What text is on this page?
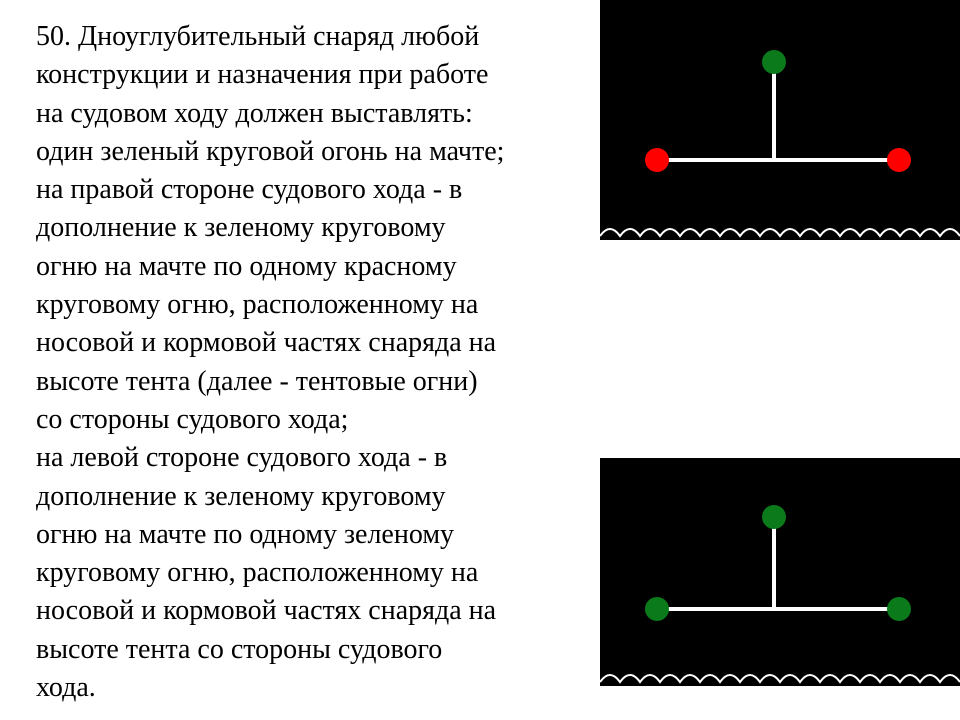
50. Дноуглубительный снаряд любой
конструкции и назначения при работе
на судовом ходу должен выставлять:
один зеленый круговой огонь на мачте;
на правой стороне судового хода - в
дополнение к зеленому круговому
огню на мачте по одному красному
круговому огню, расположенному на
носовой и кормовой частях снаряда на
высоте тента (далее - тентовые огни)
со стороны судового хода;
на левой стороне судового хода - в
дополнение к зеленому круговому
огню на мачте по одному зеленому
круговому огню, расположенному на
носовой и кормовой частях снаряда на
высоте тента со стороны судового
хода.
